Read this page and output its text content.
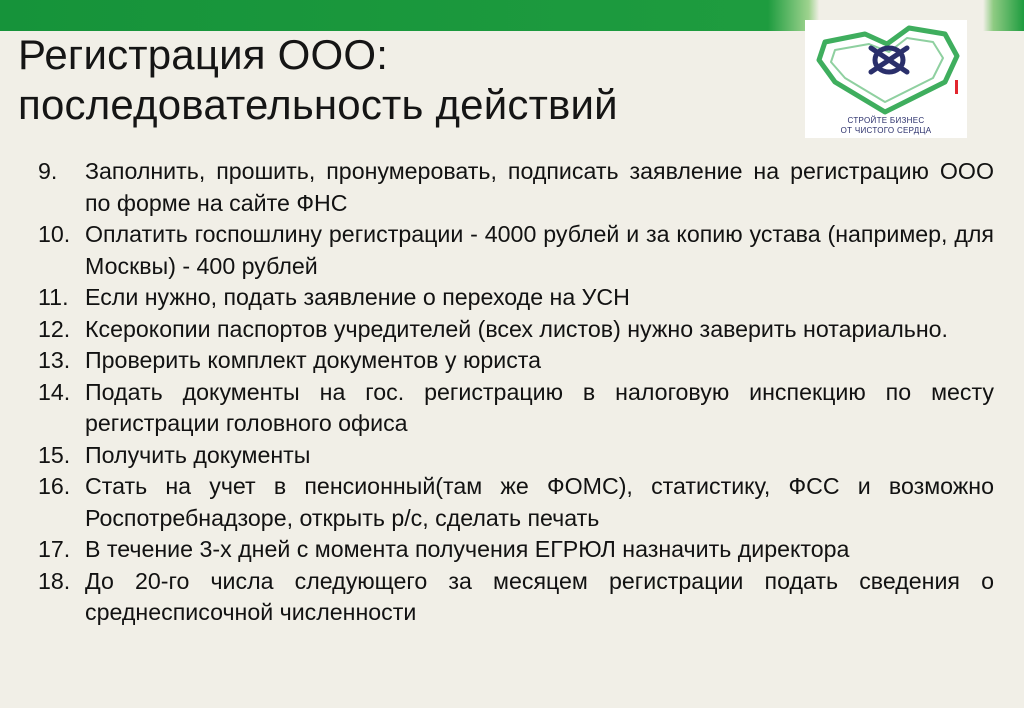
Регистрация ООО:
последовательность действий	СТРОЙТЕ БИЗНЕС
ОТ ЧИСТОГО СЕРДЦА
9. Заполнить, прошить, пронумеровать, подписать заявление на регистрацию ООО по форме на сайте ФНС
10. Оплатить госпошлину регистрации - 4000 рублей и за копию устава (например, для Москвы) - 400 рублей
11. Если нужно, подать заявление о переходе на УСН
12. Ксерокопии паспортов учредителей (всех листов) нужно заверить нотариально.
13. Проверить комплект документов у юриста
14. Подать документы на гос. регистрацию в налоговую инспекцию по месту регистрации головного офиса
15. Получить документы
16. Стать на учет в пенсионный(там же ФОМС), статистику, ФСС и возможно Роспотребнадзоре, открыть р/с, сделать печать
17. В течение 3-х дней с момента получения ЕГРЮЛ назначить директора
18. До 20-го числа следующего за месяцем регистрации подать сведения о среднесписочной численности
